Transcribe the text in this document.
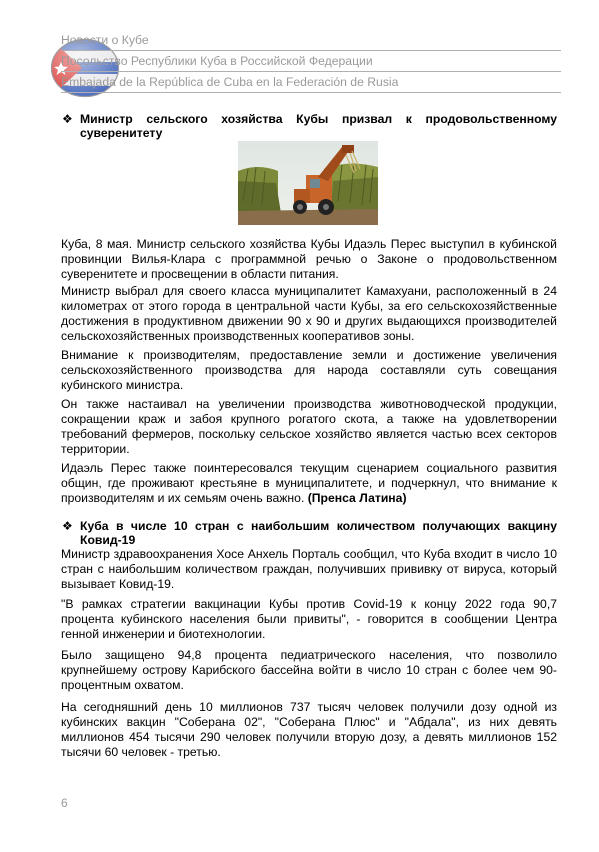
Новости о Кубе
Посольство Республики Куба в Российской Федерации
Embajada de la República de Cuba en la Federación de Rusia
❖ Министр сельского хозяйства Кубы призвал к продовольственному суверенитету
Куба, 8 мая. Министр сельского хозяйства Кубы Идаэль Перес выступил в кубинской провинции Вилья-Клара с программной речью о Законе о продовольственном суверенитете и просвещении в области питания.
Министр выбрал для своего класса муниципалитет Камахуани, расположенный в 24 километрах от этого города в центральной части Кубы, за его сельскохозяйственные достижения в продуктивном движении 90 х 90 и других выдающихся производителей сельскохозяйственных производственных кооперативов зоны.
Внимание к производителям, предоставление земли и достижение увеличения сельскохозяйственного производства для народа составляли суть совещания кубинского министра.
Он также настаивал на увеличении производства животноводческой продукции, сокращении краж и забоя крупного рогатого скота, а также на удовлетворении требований фермеров, поскольку сельское хозяйство является частью всех секторов территории.
Идаэль Перес также поинтересовался текущим сценарием социального развития общин, где проживают крестьяне в муниципалитете, и подчеркнул, что внимание к производителям и их семьям очень важно. (Пренса Латина)
❖ Куба в числе 10 стран с наибольшим количеством получающих вакцину Ковид-19
Министр здравоохранения Хосе Анхель Порталь сообщил, что Куба входит в число 10 стран с наибольшим количеством граждан, получивших прививку от вируса, который вызывает Ковид-19.
"В рамках стратегии вакцинации Кубы против Covid-19 к концу 2022 года 90,7 процента кубинского населения были привиты", - говорится в сообщении Центра генной инженерии и биотехнологии.
Было защищено 94,8 процента педиатрического населения, что позволило крупнейшему острову Карибского бассейна войти в число 10 стран с более чем 90-процентным охватом.
На сегодняшний день 10 миллионов 737 тысяч человек получили дозу одной из кубинских вакцин "Соберана 02", "Соберана Плюс" и "Абдала", из них девять миллионов 454 тысячи 290 человек получили вторую дозу, а девять миллионов 152 тысячи 60 человек - третью.
6
